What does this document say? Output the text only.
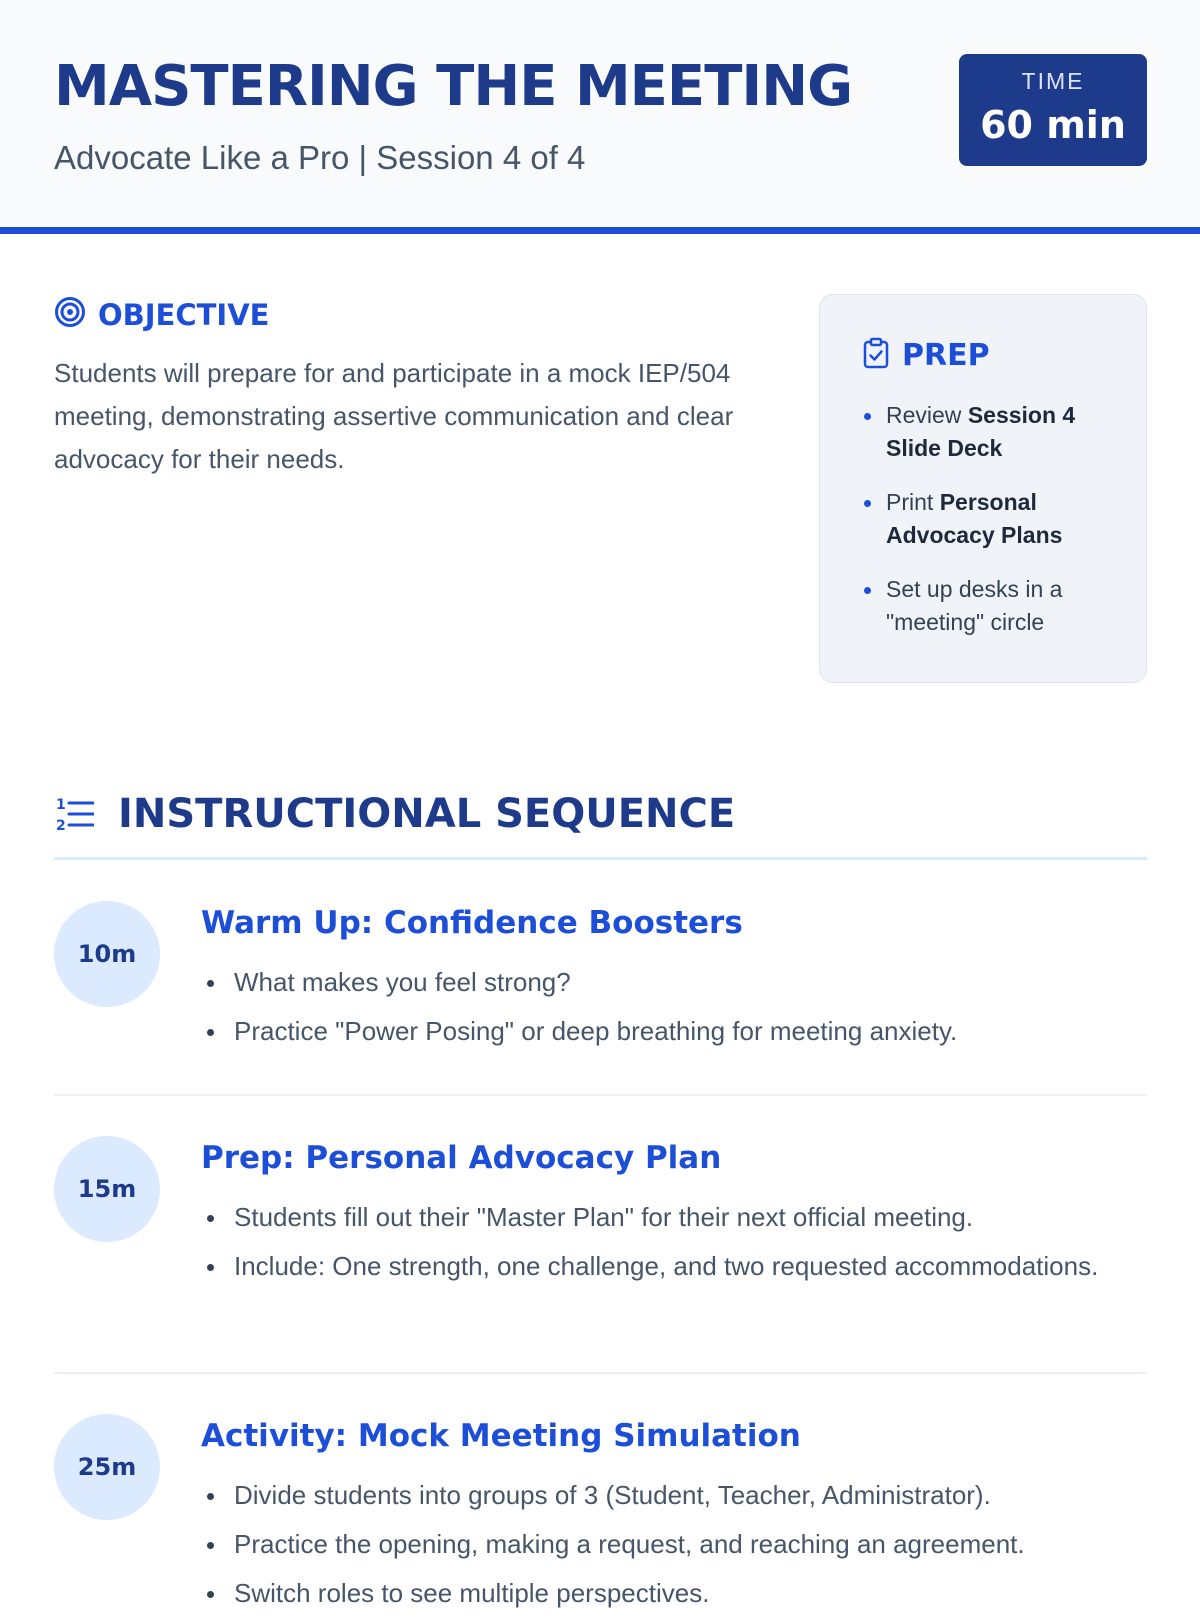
MASTERING THE MEETING
Advocate Like a Pro | Session 4 of 4
TIME
60 min
OBJECTIVE

Students will prepare for and participate in a mock IEP/504 meeting, demonstrating assertive communication and clear advocacy for their needs.

PREP
Review Session 4 Slide Deck
Print Personal Advocacy Plans
Set up desks in a "meeting" circle
1
2 INSTRUCTIONAL SEQUENCE
10m
Warm Up: Confidence Boosters
What makes you feel strong?
Practice "Power Posing" or deep breathing for meeting anxiety.
15m
Prep: Personal Advocacy Plan
Students fill out their "Master Plan" for their next official meeting.
Include: One strength, one challenge, and two requested accommodations.
25m
Activity: Mock Meeting Simulation
Divide students into groups of 3 (Student, Teacher, Administrator).
Practice the opening, making a request, and reaching an agreement.
Switch roles to see multiple perspectives.
